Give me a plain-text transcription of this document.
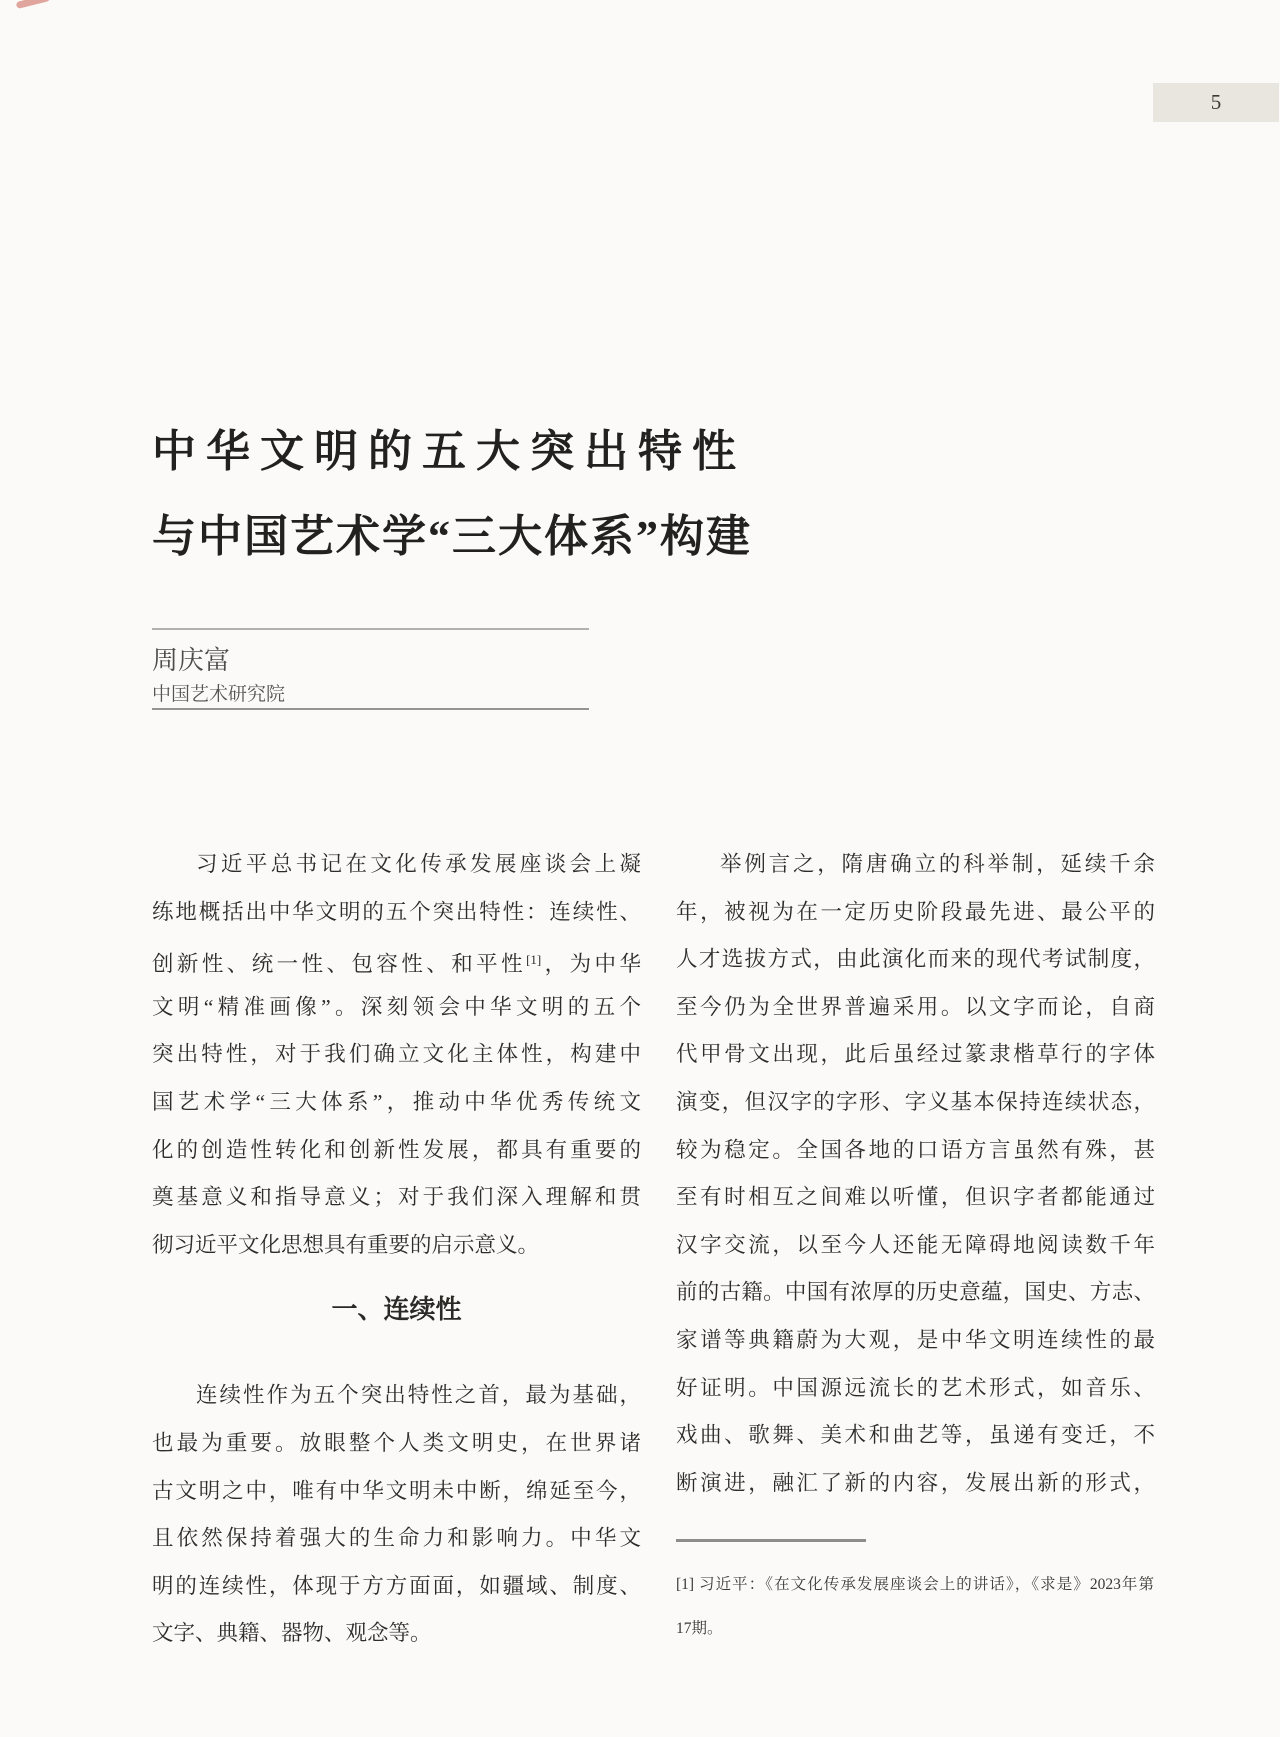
5
中华文明的五大突出特性
与中国艺术学“三大体系”构建
周庆富
中国艺术研究院
习近平总书记在文化传承发展座谈会上凝
练地概括出中华文明的五个突出特性：连续性、
创新性、统一性、包容性、和平性[1]，为中华
文明“精准画像”。深刻领会中华文明的五个
突出特性，对于我们确立文化主体性，构建中
国艺术学“三大体系”，推动中华优秀传统文
化的创造性转化和创新性发展，都具有重要的
奠基意义和指导意义；对于我们深入理解和贯
彻习近平文化思想具有重要的启示意义。
一、连续性
连续性作为五个突出特性之首，最为基础，
也最为重要。放眼整个人类文明史，在世界诸
古文明之中，唯有中华文明未中断，绵延至今，
且依然保持着强大的生命力和影响力。中华文
明的连续性，体现于方方面面，如疆域、制度、
文字、典籍、器物、观念等。
举例言之，隋唐确立的科举制，延续千余
年，被视为在一定历史阶段最先进、最公平的
人才选拔方式，由此演化而来的现代考试制度，
至今仍为全世界普遍采用。以文字而论，自商
代甲骨文出现，此后虽经过篆隶楷草行的字体
演变，但汉字的字形、字义基本保持连续状态，
较为稳定。全国各地的口语方言虽然有殊，甚
至有时相互之间难以听懂，但识字者都能通过
汉字交流，以至今人还能无障碍地阅读数千年
前的古籍。中国有浓厚的历史意蕴，国史、方志、
家谱等典籍蔚为大观，是中华文明连续性的最
好证明。中国源远流长的艺术形式，如音乐、
戏曲、歌舞、美术和曲艺等，虽递有变迁，不
断演进，融汇了新的内容，发展出新的形式，
[1] 习近平：《在文化传承发展座谈会上的讲话》，《求是》2023年第
17期。
